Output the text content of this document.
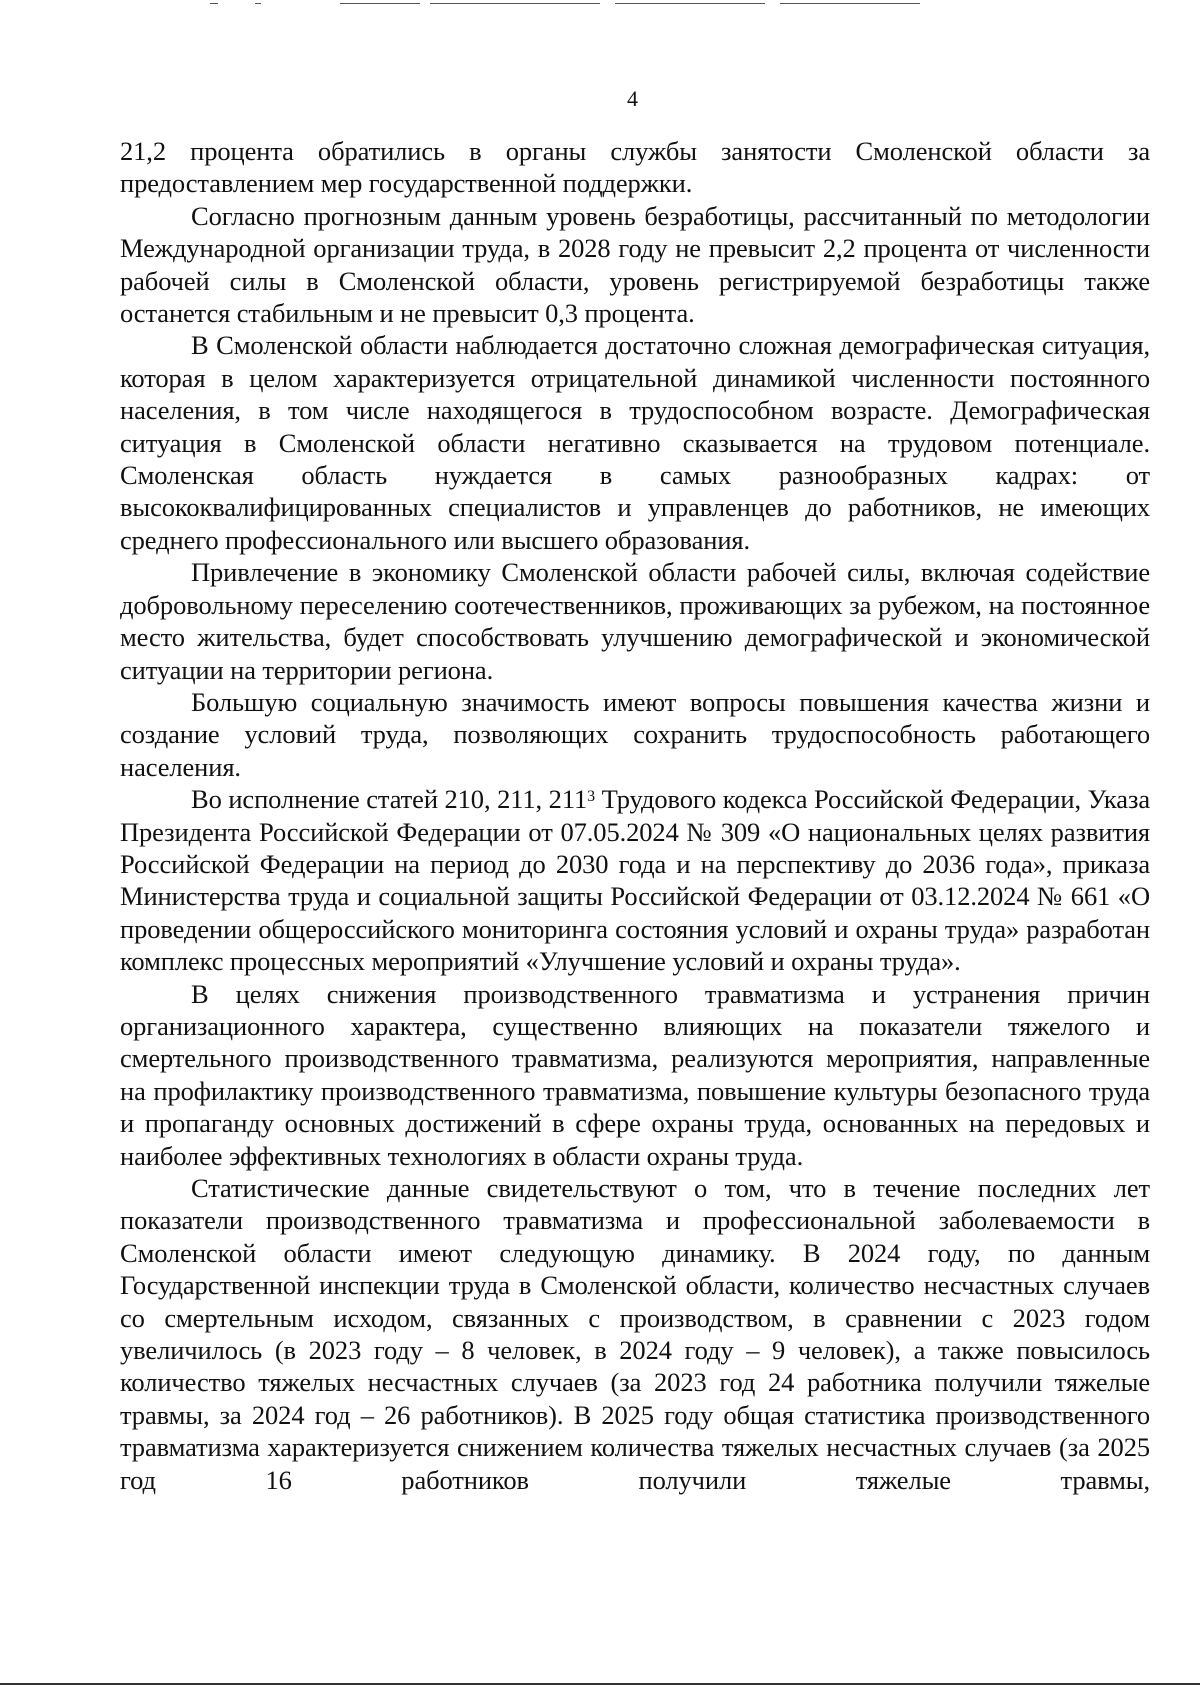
4

21,2 процента обратились в органы службы занятости Смоленской области за предоставлением мер государственной поддержки.

Согласно прогнозным данным уровень безработицы, рассчитанный по методологии Международной организации труда, в 2028 году не превысит 2,2 процента от численности рабочей силы в Смоленской области, уровень регистрируемой безработицы также останется стабильным и не превысит 0,3 процента.

В Смоленской области наблюдается достаточно сложная демографическая ситуация, которая в целом характеризуется отрицательной динамикой численности постоянного населения, в том числе находящегося в трудоспособном возрасте. Демографическая ситуация в Смоленской области негативно сказывается на трудовом потенциале. Смоленская область нуждается в самых разнообразных кадрах: от высококвалифицированных специалистов и управленцев до работников, не имеющих среднего профессионального или высшего образования.

Привлечение в экономику Смоленской области рабочей силы, включая содействие добровольному переселению соотечественников, проживающих за рубежом, на постоянное место жительства, будет способствовать улучшению демографической и экономической ситуации на территории региона.

Большую социальную значимость имеют вопросы повышения качества жизни и создание условий труда, позволяющих сохранить трудоспособность работающего населения.

Во исполнение статей 210, 211, $211^3$ Трудового кодекса Российской Федерации, Указа Президента Российской Федерации от 07.05.2024 № 309 «О национальных целях развития Российской Федерации на период до 2030 года и на перспективу до 2036 года», приказа Министерства труда и социальной защиты Российской Федерации от 03.12.2024 № 661 «О проведении общероссийского мониторинга состояния условий и охраны труда» разработан комплекс процессных мероприятий «Улучшение условий и охраны труда».

В целях снижения производственного травматизма и устранения причин организационного характера, существенно влияющих на показатели тяжелого и смертельного производственного травматизма, реализуются мероприятия, направленные на профилактику производственного травматизма, повышение культуры безопасного труда и пропаганду основных достижений в сфере охраны труда, основанных на передовых и наиболее эффективных технологиях в области охраны труда.

Статистические данные свидетельствуют о том, что в течение последних лет показатели производственного травматизма и профессиональной заболеваемости в Смоленской области имеют следующую динамику. В 2024 году, по данным Государственной инспекции труда в Смоленской области, количество несчастных случаев со смертельным исходом, связанных с производством, в сравнении с 2023 годом увеличилось (в 2023 году – 8 человек, в 2024 году – 9 человек), а также повысилось количество тяжелых несчастных случаев (за 2023 год 24 работника получили тяжелые травмы, за 2024 год – 26 работников). В 2025 году общая статистика производственного травматизма характеризуется снижением количества тяжелых несчастных случаев (за 2025 год 16 работников получили тяжелые травмы,
